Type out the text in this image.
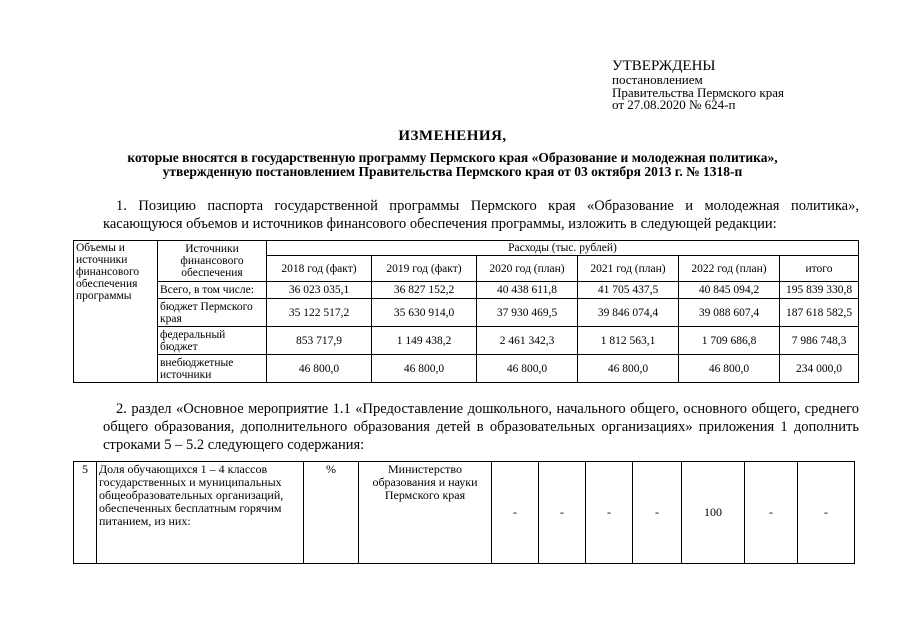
УТВЕРЖДЕНЫ
постановлением
Правительства Пермского края
от 27.08.2020 № 624-п
ИЗМЕНЕНИЯ,
которые вносятся в государственную программу Пермского края «Образование и молодежная политика», утвержденную постановлением Правительства Пермского края от 03 октября 2013 г. № 1318-п
1. Позицию паспорта государственной программы Пермского края «Образование и молодежная политика», касающуюся объемов и источников финансового обеспечения программы, изложить в следующей редакции:
Объемы и источники финансового обеспечения программы	Источники финансового обеспечения	Расходы (тыс. рублей)					
		2018 год (факт)	2019 год (факт)	2020 год (план)	2021 год (план)	2022 год (план)	итого
	Всего, в том числе:	36 023 035,1	36 827 152,2	40 438 611,8	41 705 437,5	40 845 094,2	195 839 330,8
	бюджет Пермского края	35 122 517,2	35 630 914,0	37 930 469,5	39 846 074,4	39 088 607,4	187 618 582,5
	федеральный бюджет	853 717,9	1 149 438,2	2 461 342,3	1 812 563,1	1 709 686,8	7 986 748,3
	внебюджетные источники	46 800,0	46 800,0	46 800,0	46 800,0	46 800,0	234 000,0
2. раздел «Основное мероприятие 1.1 «Предоставление дошкольного, начального общего, основного общего, среднего общего образования, дополнительного образования детей в образовательных организациях» приложения 1 дополнить строками 5 – 5.2 следующего содержания:
5	Доля обучающихся 1 – 4 классов государственных и муниципальных общеобразовательных организаций, обеспеченных бесплатным горячим питанием, из них:	%	Министерство образования и науки Пермского края	-	-	-	-	100	-	-
